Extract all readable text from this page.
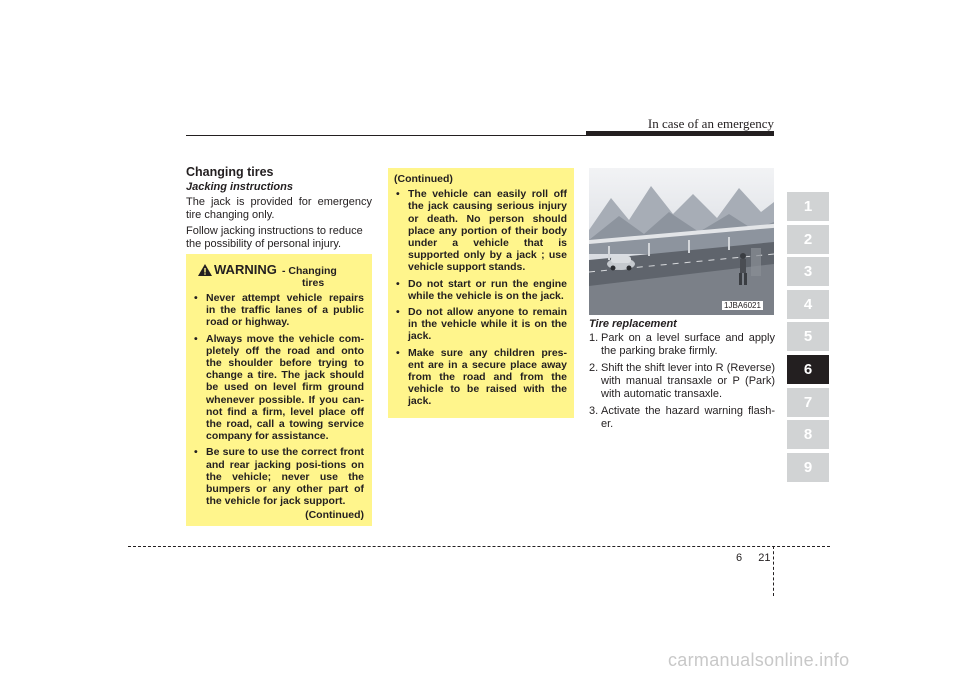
In case of an emergency
Changing tires
Jacking instructions
The jack is provided for emergency tire changing only.
Follow jacking instructions to reduce the possibility of personal injury.
WARNING - Changing
tires
• Never attempt vehicle repairs in the traffic lanes of a public road or highway.
• Always move the vehicle com-pletely off the road and onto the shoulder before trying to change a tire. The jack should be used on level firm ground whenever possible. If you can-not find a firm, level place off the road, call a towing service company for assistance.
• Be sure to use the correct front and rear jacking posi-tions on the vehicle; never use the bumpers or any other part of the vehicle for jack support.
(Continued)
(Continued)
• The vehicle can easily roll off the jack causing serious injury or death. No person should place any portion of their body under a vehicle that is supported only by a jack ; use vehicle support stands.
• Do not start or run the engine while the vehicle is on the jack.
• Do not allow anyone to remain in the vehicle while it is on the jack.
• Make sure any children pres-ent are in a secure place away from the road and from the vehicle to be raised with the jack.
1JBA6021
Tire replacement
1. Park on a level surface and apply the parking brake firmly.
2. Shift the shift lever into R (Reverse) with manual transaxle or P (Park) with automatic transaxle.
3. Activate the hazard warning flash-er.
1
2
3
4
5
6
7
8
9
6 21
carmanualsonline.info
